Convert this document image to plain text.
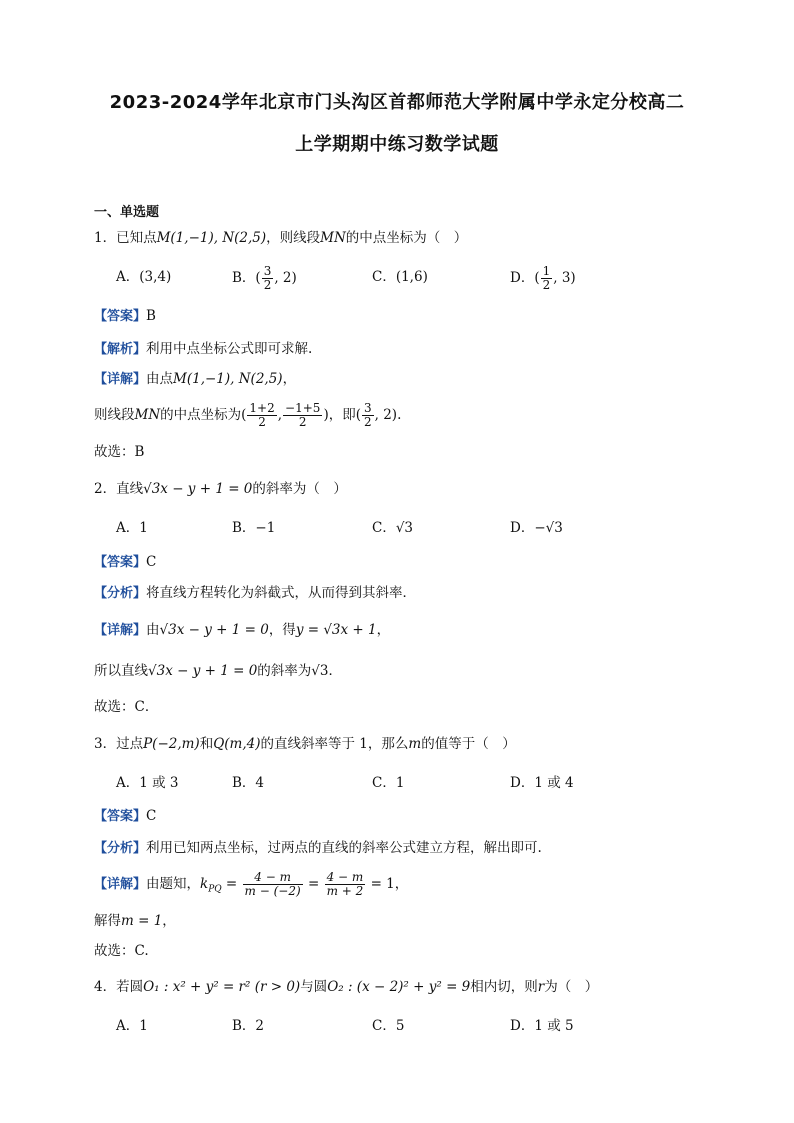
2023-2024学年北京市门头沟区首都师范大学附属中学永定分校高二
上学期期中练习数学试题
一、单选题
1．已知点M(1,−1), N(2,5)，则线段MN的中点坐标为（　）
A．(3,4)	B．( $\frac{3}{2}$ , 2)	C．(1,6)	D．( $\frac{1}{2}$ , 3)
【答案】B
【解析】利用中点坐标公式即可求解.
【详解】由点M(1,−1), N(2,5)，
则线段MN的中点坐标为( $\frac{1+2}{2}$ , $\frac{-1+5}{2}$ )，即( $\frac{3}{2}$ , 2).
故选：B
2．直线√3x − y + 1 = 0的斜率为（　）
A．1	B．−1	C．√3	D．−√3
【答案】C
【分析】将直线方程转化为斜截式，从而得到其斜率．
【详解】由√3x − y + 1 = 0，得y = √3x + 1，
所以直线√3x − y + 1 = 0的斜率为√3．
故选：C．
3．过点P(−2,m)和Q(m,4)的直线斜率等于 1，那么m的值等于（　）
A．1 或 3	B．4	C．1	D．1 或 4
【答案】C
【分析】利用已知两点坐标，过两点的直线的斜率公式建立方程，解出即可.
【详解】由题知，$k_{PQ} = \frac{4 - m}{m - (-2)} = \frac{4 - m}{m + 2} = 1$，
解得m = 1，
故选：C.
4．若圆O₁ : x² + y² = r² (r > 0)与圆O₂ : (x − 2)² + y² = 9相内切，则r为（　）
A．1	B．2	C．5	D．1 或 5
